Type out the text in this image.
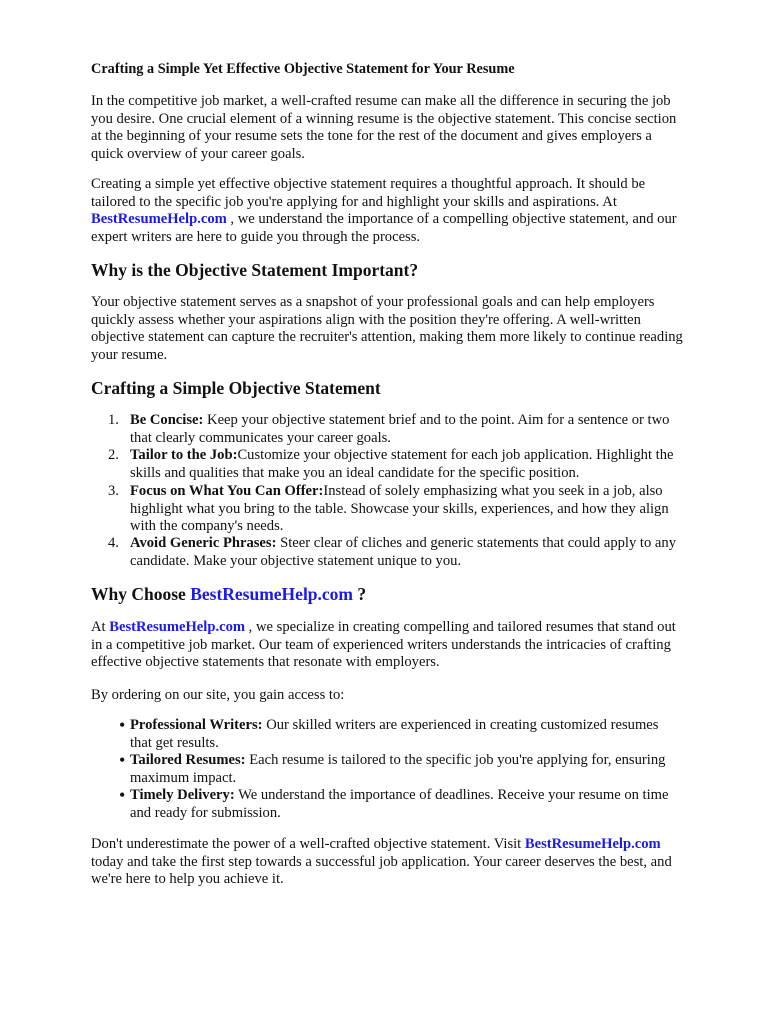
Crafting a Simple Yet Effective Objective Statement for Your Resume
In the competitive job market, a well-crafted resume can make all the difference in securing the job
you desire. One crucial element of a winning resume is the objective statement. This concise section
at the beginning of your resume sets the tone for the rest of the document and gives employers a
quick overview of your career goals.
Creating a simple yet effective objective statement requires a thoughtful approach. It should be
tailored to the specific job you're applying for and highlight your skills and aspirations. At
BestResumeHelp.com , we understand the importance of a compelling objective statement, and our
expert writers are here to guide you through the process.
Why is the Objective Statement Important?
Your objective statement serves as a snapshot of your professional goals and can help employers
quickly assess whether your aspirations align with the position they're offering. A well-written
objective statement can capture the recruiter's attention, making them more likely to continue reading
your resume.
Crafting a Simple Objective Statement
1. Be Concise: Keep your objective statement brief and to the point. Aim for a sentence or two
that clearly communicates your career goals.
2. Tailor to the Job:Customize your objective statement for each job application. Highlight the
skills and qualities that make you an ideal candidate for the specific position.
3. Focus on What You Can Offer:Instead of solely emphasizing what you seek in a job, also
highlight what you bring to the table. Showcase your skills, experiences, and how they align
with the company's needs.
4. Avoid Generic Phrases: Steer clear of cliches and generic statements that could apply to any
candidate. Make your objective statement unique to you.
Why Choose BestResumeHelp.com ?
At BestResumeHelp.com , we specialize in creating compelling and tailored resumes that stand out
in a competitive job market. Our team of experienced writers understands the intricacies of crafting
effective objective statements that resonate with employers.
By ordering on our site, you gain access to:
• Professional Writers: Our skilled writers are experienced in creating customized resumes
that get results.
• Tailored Resumes: Each resume is tailored to the specific job you're applying for, ensuring
maximum impact.
• Timely Delivery: We understand the importance of deadlines. Receive your resume on time
and ready for submission.
Don't underestimate the power of a well-crafted objective statement. Visit BestResumeHelp.com
today and take the first step towards a successful job application. Your career deserves the best, and
we're here to help you achieve it.
